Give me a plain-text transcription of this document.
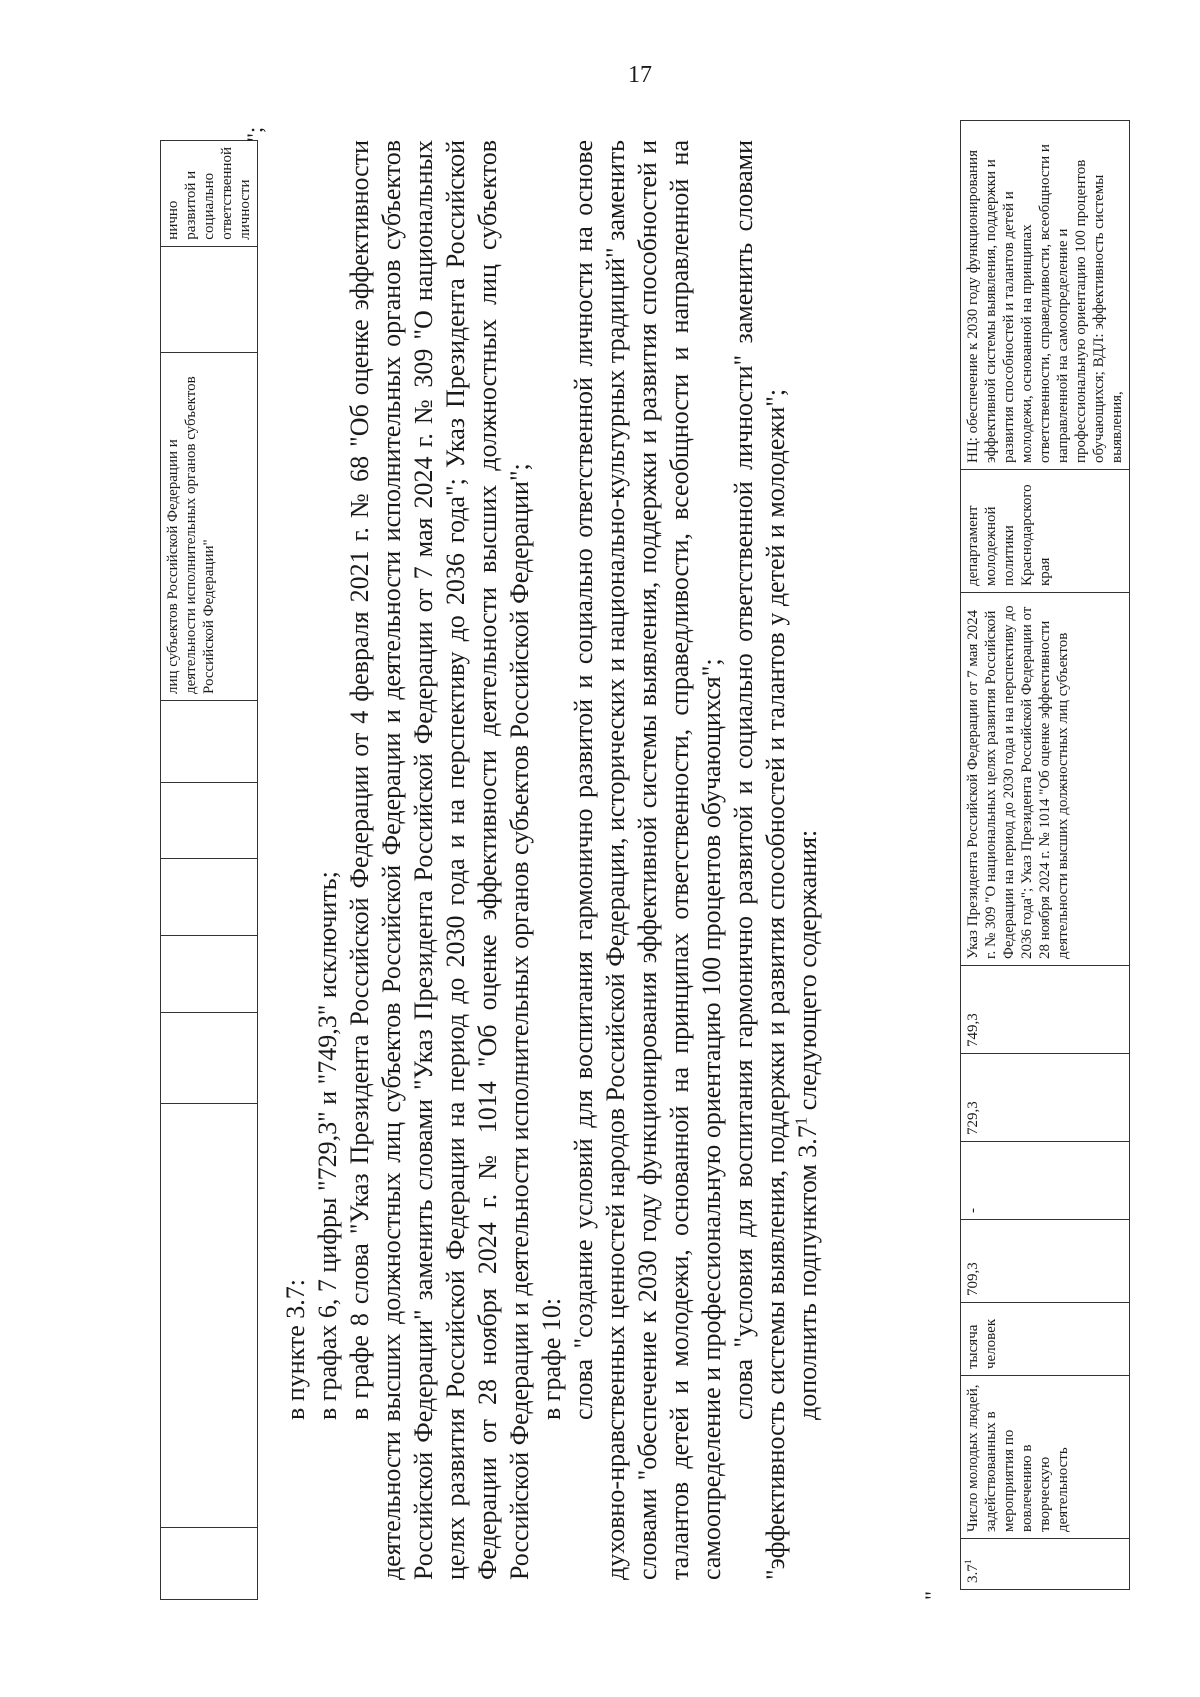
17
							лиц субъектов Российской Федерации и деятельности исполнительных органов субъектов Российской Федерации"		нично развитой и социально ответственной личности
";

в пункте 3.7: в графах 6, 7 цифры "729,3" и "749,3" исключить; в графе 8 слова "Указ Президента Российской Федерации от 4 февраля 2021 г. № 68 "Об оценке эффективности деятельности высших должностных лиц субъектов Российской Федерации и деятельности исполнительных органов субъектов Российской Федерации" заменить словами "Указ Президента Российской Федерации от 7 мая 2024 г. № 309 "О национальных целях развития Российской Федерации на период до 2030 года и на перспективу до 2036 года"; Указ Президента Российской Федерации от 28 ноября 2024 г. № 1014 "Об оценке эффективности деятельности высших должностных лиц субъектов Российской Федерации и деятельности исполнительных органов субъектов Российской Федерации"; в графе 10: слова "создание условий для воспитания гармонично развитой и социально ответственной личности на основе духовно-нравственных ценностей народов Российской Федерации, исторических и национально-культурных традиций" заменить словами "обеспечение к 2030 году функционирования эффективной системы выявления, поддержки и развития способностей и талантов детей и молодежи, основанной на принципах ответственности, справедливости, всеобщности и направленной на самоопределение и профессиональную ориентацию 100 процентов обучающихся"; слова "условия для воспитания гармонично развитой и социально ответственной личности" заменить словами "эффективность системы выявления, поддержки и развития способностей и талантов у детей и молодежи"; дополнить подпунктом $3.7^1$ следующего содержания:

"
$3.7^1$	Число молодых людей, задействованных в мероприятия по вовлечению в творческую деятельность	тысяча человек	709,3	-	729,3	749,3	Указ Президента Российской Федерации от 7 мая 2024 г. № 309 "О национальных целях развития Российской Федерации на период до 2030 года и на перспективу до 2036 года"; Указ Президента Российской Федерации от 28 ноября 2024 г. № 1014 "Об оценке эффективности деятельности высших должностных лиц субъектов	департамент молодежной политики Краснодарского края	НЦ: обеспечение к 2030 году функционирования эффективной системы выявления, поддержки и развития способностей и талантов детей и молодежи, основанной на принципах ответственности, справедливости, всеобщности и направленной на самоопределение и профессиональную ориентацию 100 процентов обучающихся; ВДЛ: эффективность системы выявления,
